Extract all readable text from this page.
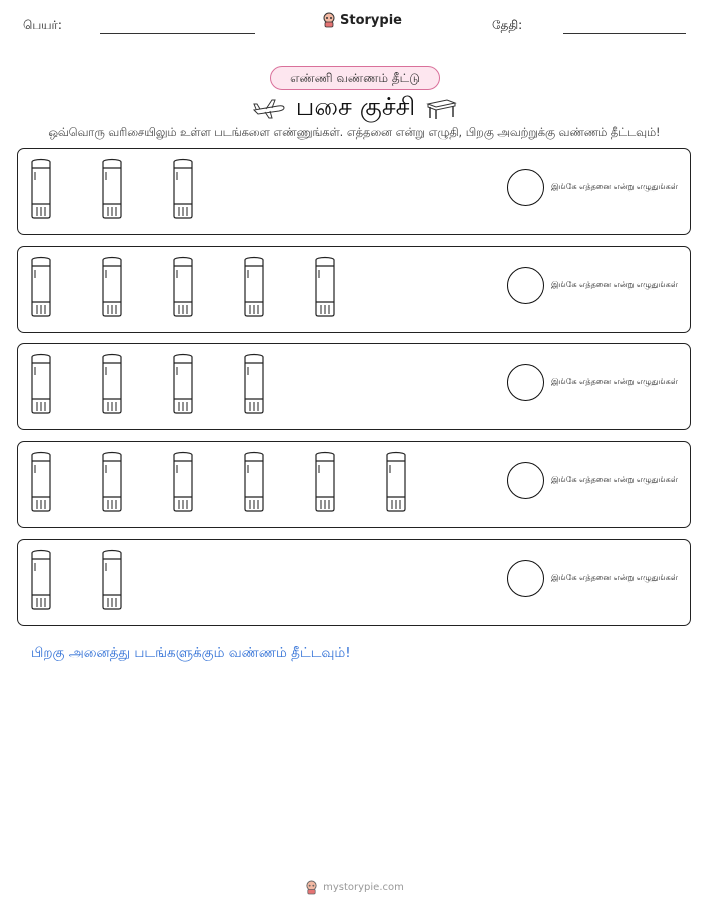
பெயர்:	Storypie	தேதி:
எண்ணி வண்ணம் தீட்டு
பசை குச்சி
ஒவ்வொரு வரிசையிலும் உள்ள படங்களை எண்ணுங்கள். எத்தனை என்று எழுதி, பிறகு அவற்றுக்கு வண்ணம் தீட்டவும்!
இங்கே எத்தனை என்று எழுதுங்கள்
இங்கே எத்தனை என்று எழுதுங்கள்
இங்கே எத்தனை என்று எழுதுங்கள்
இங்கே எத்தனை என்று எழுதுங்கள்
இங்கே எத்தனை என்று எழுதுங்கள்
பிறகு அனைத்து படங்களுக்கும் வண்ணம் தீட்டவும்!
mystorypie.com
